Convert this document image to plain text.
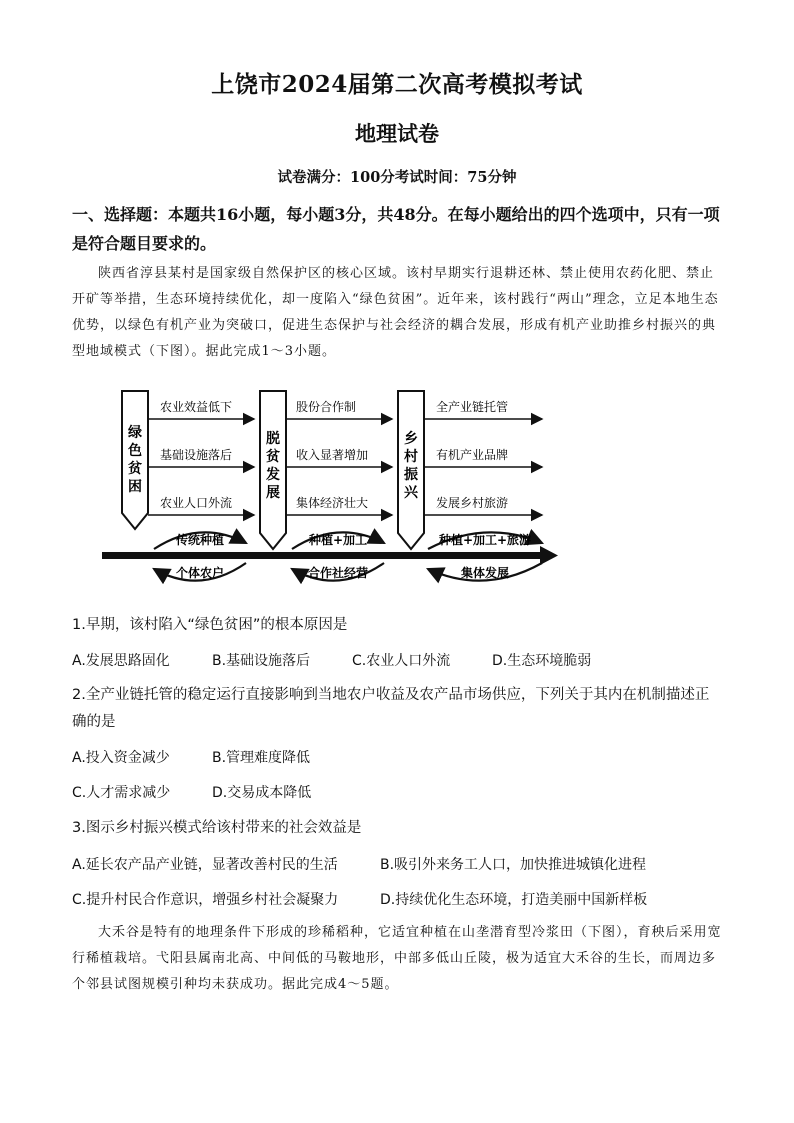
上饶市2024届第二次高考模拟考试
地理试卷
试卷满分：100分考试时间：75分钟
一、选择题：本题共16小题，每小题3分，共48分。在每小题给出的四个选项中，只有一项是符合题目要求的。
陕西省淳县某村是国家级自然保护区的核心区域。该村早期实行退耕还林、禁止使用农药化肥、禁止开矿等举措，生态环境持续优化，却一度陷入“绿色贫困”。近年来，该村践行“两山”理念，立足本地生态优势，以绿色有机产业为突破口，促进生态保护与社会经济的耦合发展，形成有机产业助推乡村振兴的典型地域模式（下图）。据此完成1～3小题。
绿色贫困
脱贫发展
乡村振兴
农业效益低下
基础设施落后
农业人口外流
股份合作制
收入显著增加
集体经济壮大
全产业链托管
有机产业品牌
发展乡村旅游
传统种植	种植+加工	种植+加工+旅游
个体农户	合作社经营	集体发展
1.早期，该村陷入“绿色贫困”的根本原因是
A.发展思路固化	B.基础设施落后	C.农业人口外流	D.生态环境脆弱
2.全产业链托管的稳定运行直接影响到当地农户收益及农产品市场供应，下列关于其内在机制描述正确的是
A.投入资金减少	B.管理难度降低
C.人才需求减少	D.交易成本降低
3.图示乡村振兴模式给该村带来的社会效益是
A.延长农产品产业链，显著改善村民的生活	B.吸引外来务工人口，加快推进城镇化进程
C.提升村民合作意识，增强乡村社会凝聚力	D.持续优化生态环境，打造美丽中国新样板
大禾谷是特有的地理条件下形成的珍稀稻种，它适宜种植在山垄潜育型冷浆田（下图），育秧后采用宽行稀植栽培。弋阳县属南北高、中间低的马鞍地形，中部多低山丘陵，极为适宜大禾谷的生长，而周边多个邻县试图规模引种均未获成功。据此完成4～5题。
